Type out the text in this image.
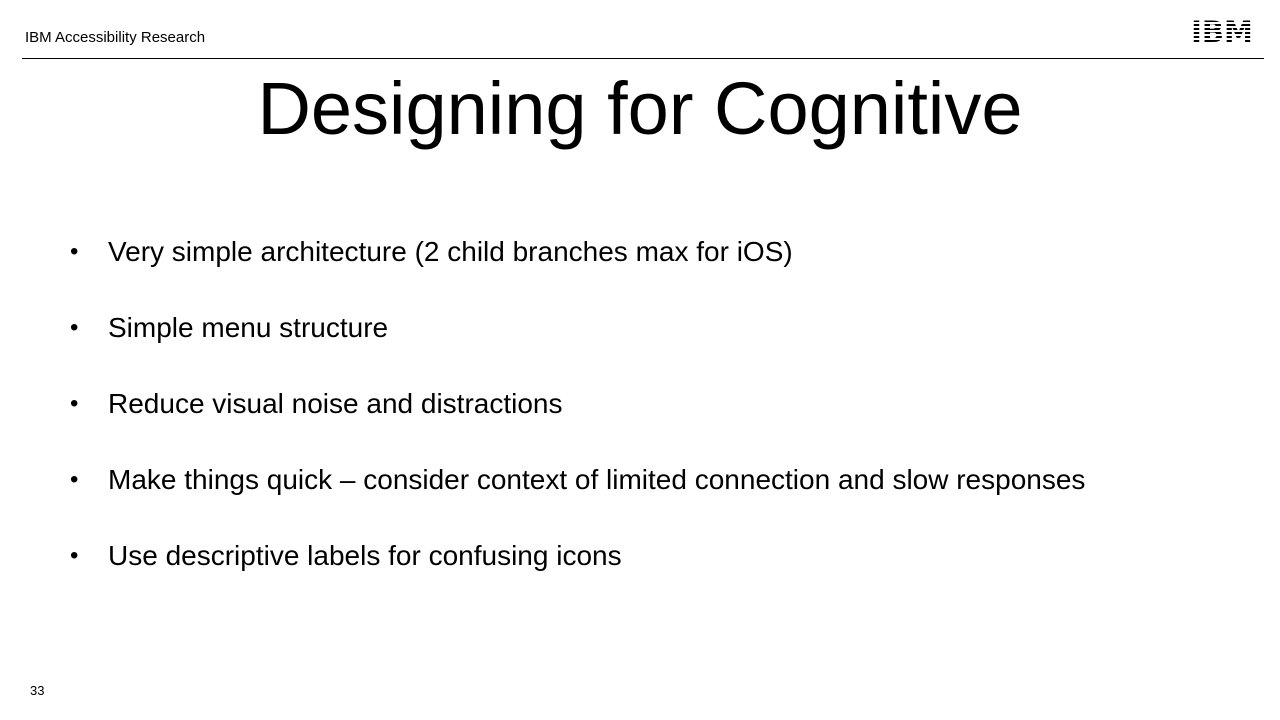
IBM Accessibility Research
Designing for Cognitive
• Very simple architecture (2 child branches max for iOS)
• Simple menu structure
• Reduce visual noise and distractions
• Make things quick – consider context of limited connection and slow responses
• Use descriptive labels for confusing icons
33
